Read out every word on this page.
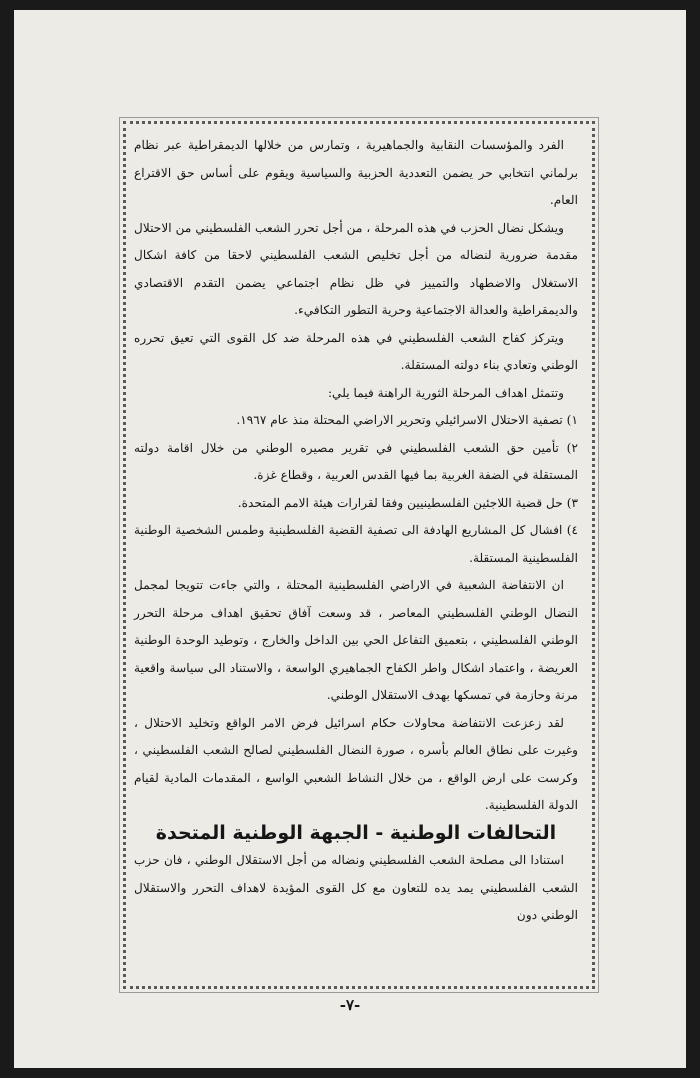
الفرد والمؤسسات النقابية والجماهيرية ، وتمارس من خلالها الديمقراطية عبر نظام برلماني انتخابي حر يضمن التعددية الحزبية والسياسية ويقوم على أساس حق الاقتراع العام.

ويشكل نضال الحزب في هذه المرحلة ، من أجل تحرر الشعب الفلسطيني من الاحتلال مقدمة ضرورية لنضاله من أجل تخليص الشعب الفلسطيني لاحقا من كافة اشكال الاستغلال والاضطهاد والتمييز في ظل نظام اجتماعي يضمن التقدم الاقتصادي والديمقراطية والعدالة الاجتماعية وحرية التطور التكافيء.

ويتركز كفاح الشعب الفلسطيني في هذه المرحلة ضد كل القوى التي تعيق تحرره الوطني وتعادي بناء دولته المستقلة.

وتتمثل اهداف المرحلة الثورية الراهنة فيما يلي:

١) تصفية الاحتلال الاسرائيلي وتحرير الاراضي المحتلة منذ عام ١٩٦٧.

٢) تأمين حق الشعب الفلسطيني في تقرير مصيره الوطني من خلال اقامة دولته المستقلة في الضفة الغربية بما فيها القدس العربية ، وقطاع غزة.

٣) حل قضية اللاجئين الفلسطينيين وفقا لقرارات هيئة الامم المتحدة.

٤) افشال كل المشاريع الهادفة الى تصفية القضية الفلسطينية وطمس الشخصية الوطنية الفلسطينية المستقلة.

ان الانتفاضة الشعبية في الاراضي الفلسطينية المحتلة ، والتي جاءت تتويجا لمجمل النضال الوطني الفلسطيني المعاصر ، قد وسعت آفاق تحقيق اهداف مرحلة التحرر الوطني الفلسطيني ، بتعميق التفاعل الحي بين الداخل والخارج ، وتوطيد الوحدة الوطنية العريضة ، واعتماد اشكال واطر الكفاح الجماهيري الواسعة ، والاستناد الى سياسة واقعية مرنة وحازمة في تمسكها بهدف الاستقلال الوطني.

لقد زعزعت الانتفاضة محاولات حكام اسرائيل فرض الامر الواقع وتخليد الاحتلال ، وغيرت على نطاق العالم بأسره ، صورة النضال الفلسطيني لصالح الشعب الفلسطيني ، وكرست على ارض الواقع ، من خلال النشاط الشعبي الواسع ، المقدمات المادية لقيام الدولة الفلسطينية.

التحالفات الوطنية - الجبهة الوطنية المتحدة

استنادا الى مصلحة الشعب الفلسطيني ونضاله من أجل الاستقلال الوطني ، فان حزب الشعب الفلسطيني يمد يده للتعاون مع كل القوى المؤيدة لاهداف التحرر والاستقلال الوطني دون

-٧-
